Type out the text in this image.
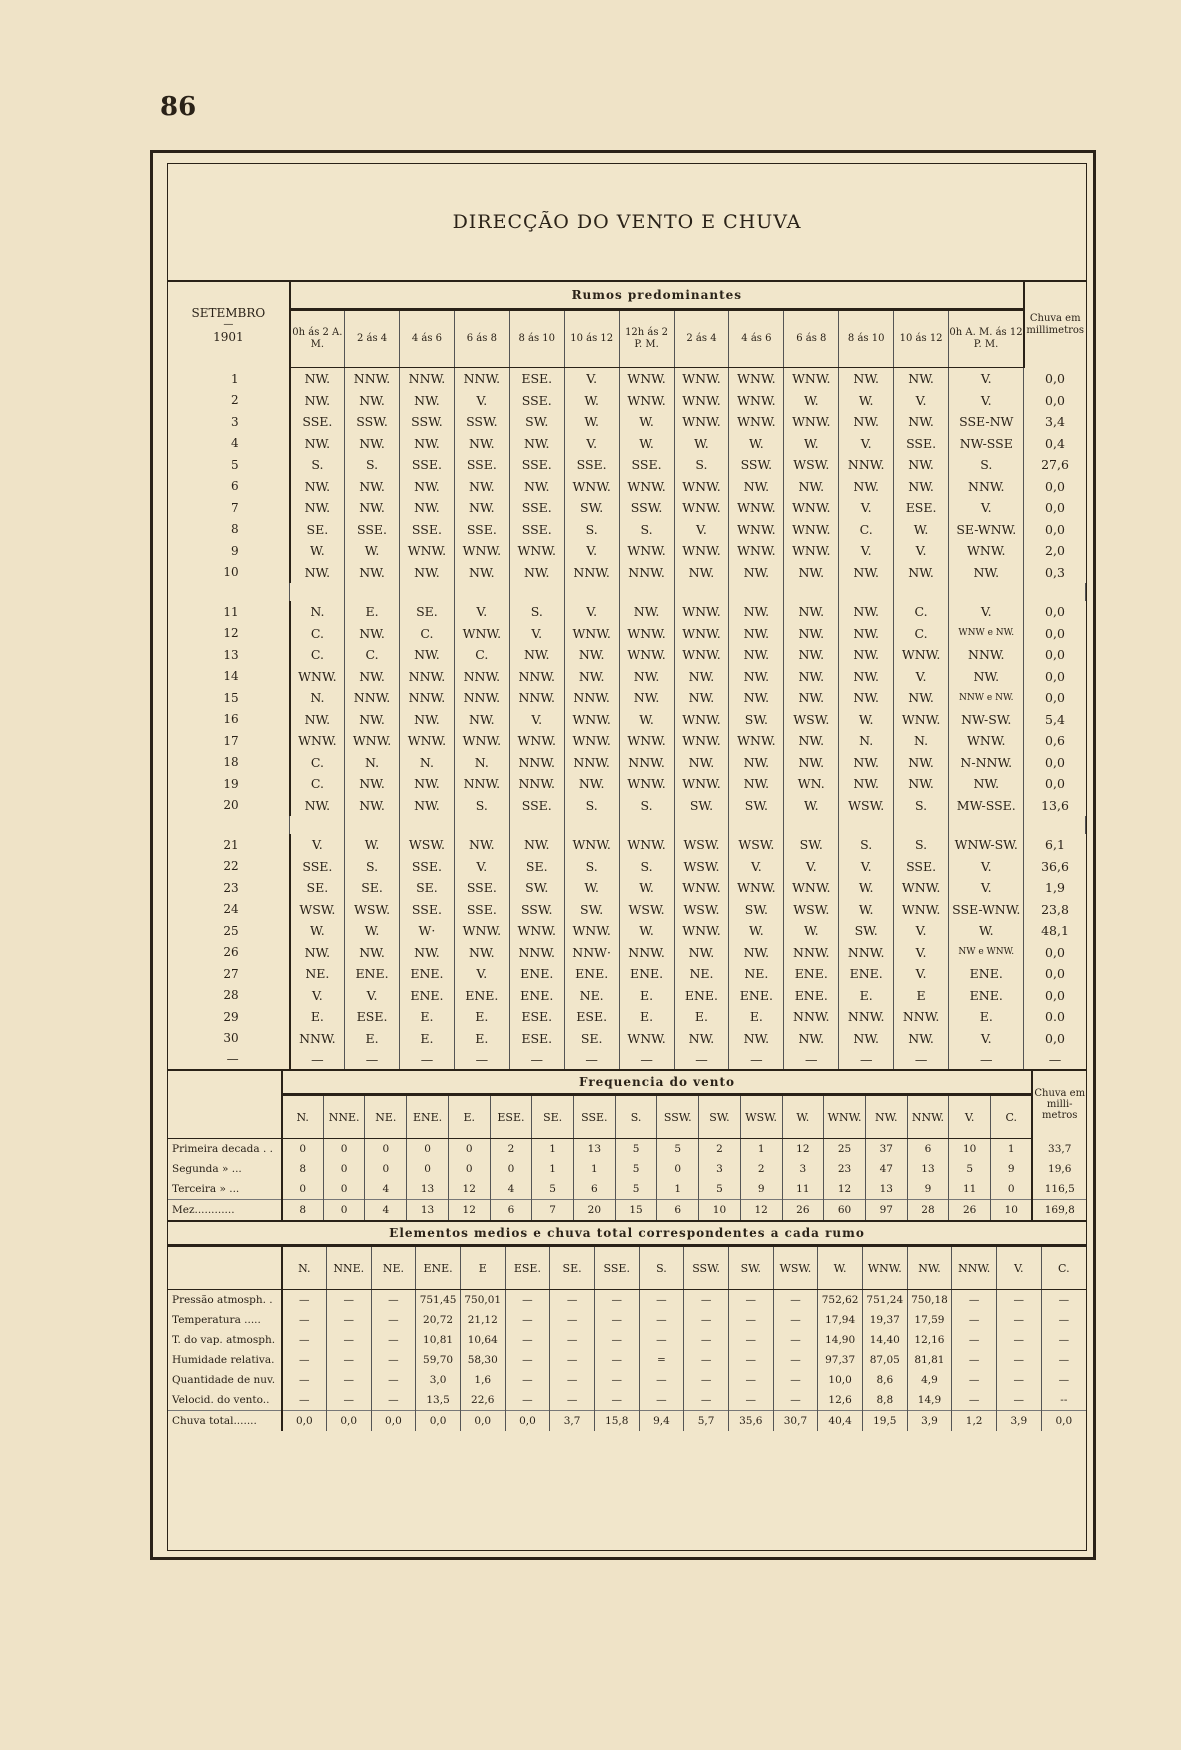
86
DIRECÇÃO DO VENTO E CHUVA
SETEMBRO
—
1901	Rumos predominantes													Chuva em millimetros
	0h ás 2 A. M.	2 ás 4	4 ás 6	6 ás 8	8 ás 10	10 ás 12	12h ás 2 P. M.	2 ás 4	4 ás 6	6 ás 8	8 ás 10	10 ás 12	0h A. M. ás 12 P. M.	
1	NW.	NNW.	NNW.	NNW.	ESE.	V.	WNW.	WNW.	WNW.	WNW.	NW.	NW.	V.	0,0
2	NW.	NW.	NW.	V.	SSE.	W.	WNW.	WNW.	WNW.	W.	W.	V.	V.	0,0
3	SSE.	SSW.	SSW.	SSW.	SW.	W.	W.	WNW.	WNW.	WNW.	NW.	NW.	SSE-NW	3,4
4	NW.	NW.	NW.	NW.	NW.	V.	W.	W.	W.	W.	V.	SSE.	NW-SSE	0,4
5	S.	S.	SSE.	SSE.	SSE.	SSE.	SSE.	S.	SSW.	WSW.	NNW.	NW.	S.	27,6
6	NW.	NW.	NW.	NW.	NW.	WNW.	WNW.	WNW.	NW.	NW.	NW.	NW.	NNW.	0,0
7	NW.	NW.	NW.	NW.	SSE.	SW.	SSW.	WNW.	WNW.	WNW.	V.	ESE.	V.	0,0
8	SE.	SSE.	SSE.	SSE.	SSE.	S.	S.	V.	WNW.	WNW.	C.	W.	SE-WNW.	0,0
9	W.	W.	WNW.	WNW.	WNW.	V.	WNW.	WNW.	WNW.	WNW.	V.	V.	WNW.	2,0
10	NW.	NW.	NW.	NW.	NW.	NNW.	NNW.	NW.	NW.	NW.	NW.	NW.	NW.	0,3

11	N.	E.	SE.	V.	S.	V.	NW.	WNW.	NW.	NW.	NW.	C.	V.	0,0
12	C.	NW.	C.	WNW.	V.	WNW.	WNW.	WNW.	NW.	NW.	NW.	C.	WNW e NW.	0,0
13	C.	C.	NW.	C.	NW.	NW.	WNW.	WNW.	NW.	NW.	NW.	WNW.	NNW.	0,0
14	WNW.	NW.	NNW.	NNW.	NNW.	NW.	NW.	NW.	NW.	NW.	NW.	V.	NW.	0,0
15	N.	NNW.	NNW.	NNW.	NNW.	NNW.	NW.	NW.	NW.	NW.	NW.	NW.	NNW e NW.	0,0
16	NW.	NW.	NW.	NW.	V.	WNW.	W.	WNW.	SW.	WSW.	W.	WNW.	NW-SW.	5,4
17	WNW.	WNW.	WNW.	WNW.	WNW.	WNW.	WNW.	WNW.	WNW.	NW.	N.	N.	WNW.	0,6
18	C.	N.	N.	N.	NNW.	NNW.	NNW.	NW.	NW.	NW.	NW.	NW.	N-NNW.	0,0
19	C.	NW.	NW.	NNW.	NNW.	NW.	WNW.	WNW.	NW.	WN.	NW.	NW.	NW.	0,0
20	NW.	NW.	NW.	S.	SSE.	S.	S.	SW.	SW.	W.	WSW.	S.	MW-SSE.	13,6

21	V.	W.	WSW.	NW.	NW.	WNW.	WNW.	WSW.	WSW.	SW.	S.	S.	WNW-SW.	6,1
22	SSE.	S.	SSE.	V.	SE.	S.	S.	WSW.	V.	V.	V.	SSE.	V.	36,6
23	SE.	SE.	SE.	SSE.	SW.	W.	W.	WNW.	WNW.	WNW.	W.	WNW.	V.	1,9
24	WSW.	WSW.	SSE.	SSE.	SSW.	SW.	WSW.	WSW.	SW.	WSW.	W.	WNW.	SSE-WNW.	23,8
25	W.	W.	W·	WNW.	WNW.	WNW.	W.	WNW.	W.	W.	SW.	V.	W.	48,1
26	NW.	NW.	NW.	NW.	NNW.	NNW·	NNW.	NW.	NW.	NNW.	NNW.	V.	NW e WNW.	0,0
27	NE.	ENE.	ENE.	V.	ENE.	ENE.	ENE.	NE.	NE.	ENE.	ENE.	V.	ENE.	0,0
28	V.	V.	ENE.	ENE.	ENE.	NE.	E.	ENE.	ENE.	ENE.	E.	E	ENE.	0,0
29	E.	ESE.	E.	E.	ESE.	ESE.	E.	E.	E.	NNW.	NNW.	NNW.	E.	0.0
30	NNW.	E.	E.	E.	ESE.	SE.	WNW.	NW.	NW.	NW.	NW.	NW.	V.	0,0
—	—	—	—	—	—	—	—	—	—	—	—	—	—	—
	Frequencia do vento																		Chuva em milli- metros
	N.	NNE.	NE.	ENE.	E.	ESE.	SE.	SSE.	S.	SSW.	SW.	WSW.	W.	WNW.	NW.	NNW.	V.	C.	
Primeira decada . .	0	0	0	0	0	2	1	13	5	5	2	1	12	25	37	6	10	1	33,7
Segunda » ...	8	0	0	0	0	0	1	1	5	0	3	2	3	23	47	13	5	9	19,6
Terceira » ...	0	0	4	13	12	4	5	6	5	1	5	9	11	12	13	9	11	0	116,5
Mez............	8	0	4	13	12	6	7	20	15	6	10	12	26	60	97	28	26	10	169,8
Elementos medios e chuva total correspondentes a cada rumo																		
	N.	NNE.	NE.	ENE.	E	ESE.	SE.	SSE.	S.	SSW.	SW.	WSW.	W.	WNW.	NW.	NNW.	V.	C.
Pressão atmosph. .	—	—	—	751,45	750,01	—	—	—	—	—	—	—	752,62	751,24	750,18	—	—	—
Temperatura .....	—	—	—	20,72	21,12	—	—	—	—	—	—	—	17,94	19,37	17,59	—	—	—
T. do vap. atmosph.	—	—	—	10,81	10,64	—	—	—	—	—	—	—	14,90	14,40	12,16	—	—	—
Humidade relativa.	—	—	—	59,70	58,30	—	—	—	=	—	—	—	97,37	87,05	81,81	—	—	—
Quantidade de nuv.	—	—	—	3,0	1,6	—	—	—	—	—	—	—	10,0	8,6	4,9	—	—	—
Velocid. do vento..	—	—	—	13,5	22,6	—	—	—	—	—	—	—	12,6	8,8	14,9	—	—	--
Chuva total.......	0,0	0,0	0,0	0,0	0,0	0,0	3,7	15,8	9,4	5,7	35,6	30,7	40,4	19,5	3,9	1,2	3,9	0,0
